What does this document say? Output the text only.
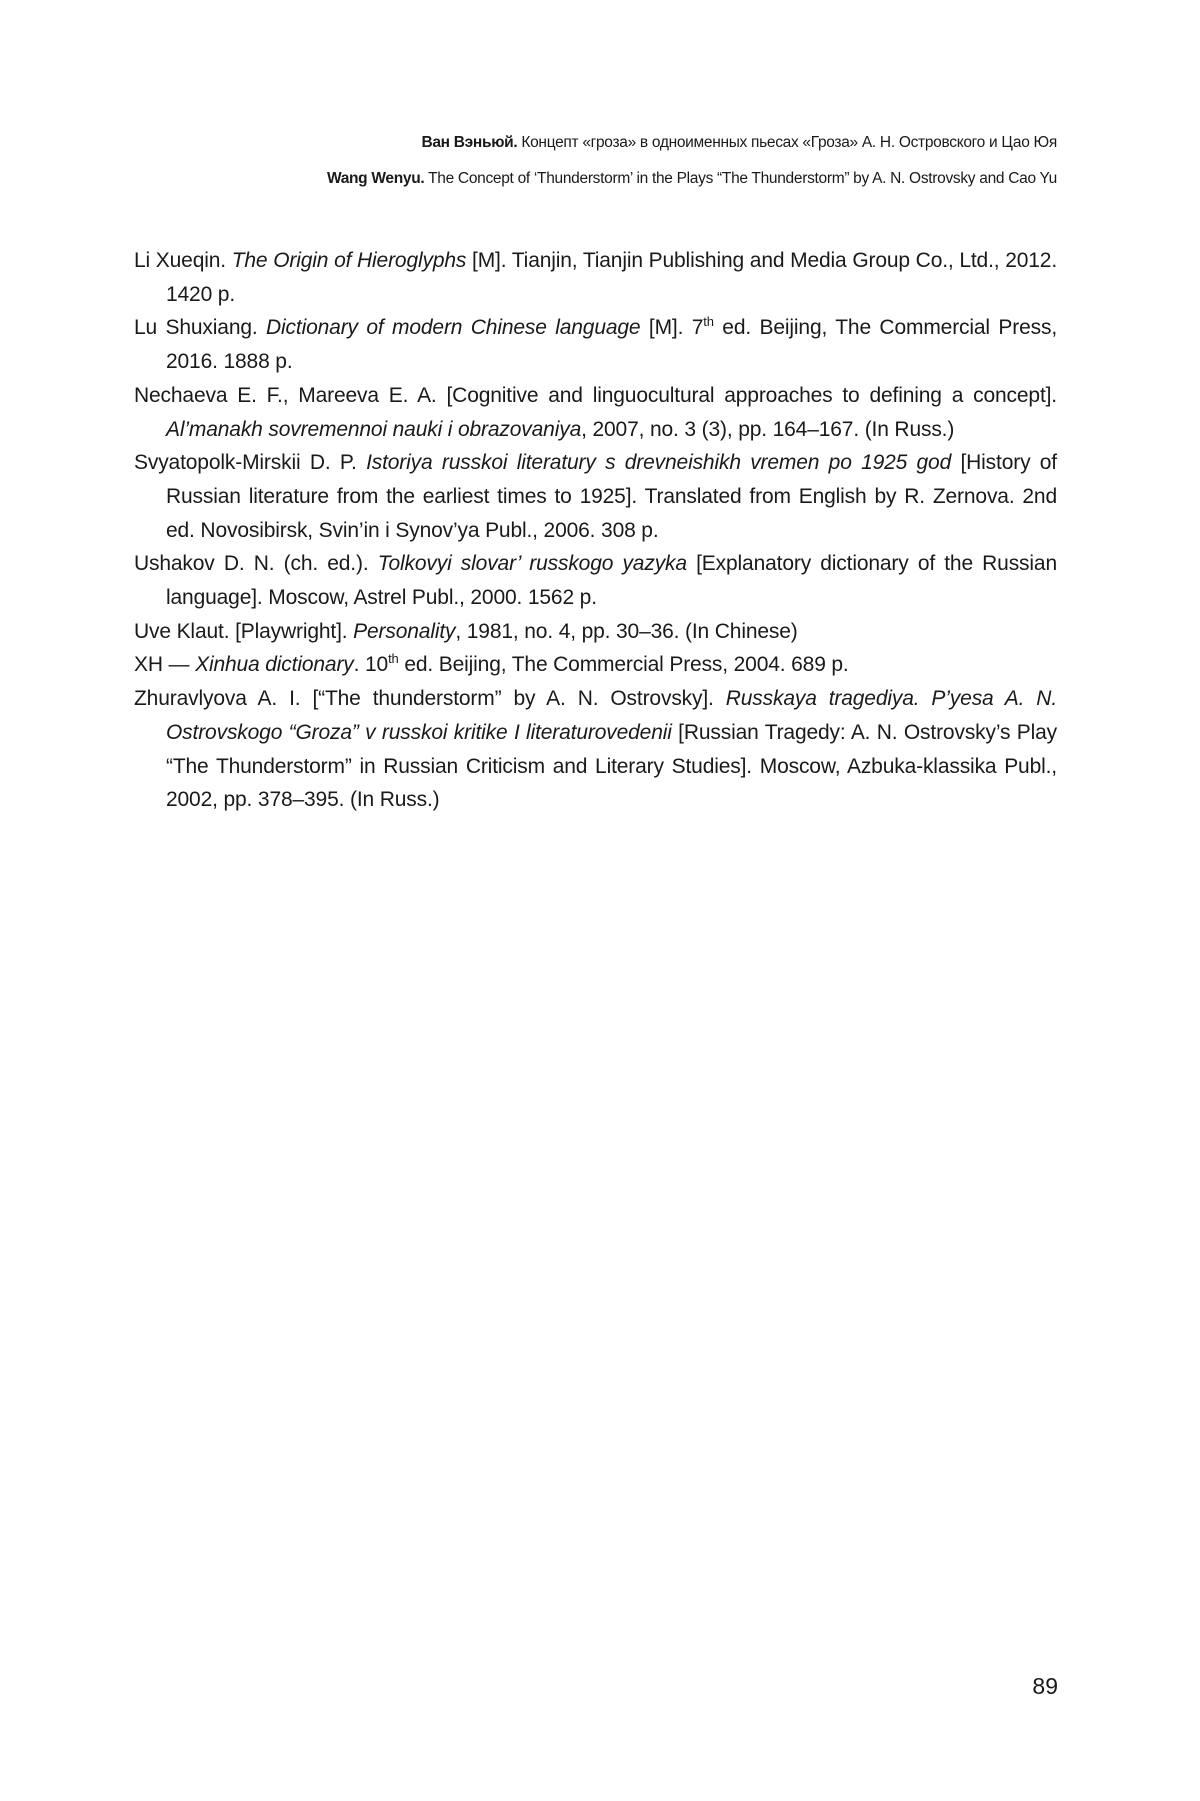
Ван Вэньюй. Концепт «гроза» в одноименных пьесах «Гроза» А. Н. Островского и Цао Юя
Wang Wenyu. The Concept of ‘Thunderstorm’ in the Plays “The Thunderstorm” by A. N. Ostrovsky and Cao Yu
Li Xueqin. The Origin of Hieroglyphs [M]. Tianjin, Tianjin Publishing and Media Group Co., Ltd., 2012. 1420 p.
Lu Shuxiang. Dictionary of modern Chinese language [M]. 7th ed. Beijing, The Commercial Press, 2016. 1888 p.
Nechaeva E. F., Mareeva E. A. [Cognitive and linguocultural approaches to defining a concept]. Al’manakh sovremennoi nauki i obrazovaniya, 2007, no. 3 (3), pp. 164–167. (In Russ.)
Svyatopolk-Mirskii D. P. Istoriya russkoi literatury s drevneishikh vremen po 1925 god [History of Russian literature from the earliest times to 1925]. Translated from English by R. Zernova. 2nd ed. Novosibirsk, Svin’in i Synov’ya Publ., 2006. 308 p.
Ushakov D. N. (ch. ed.). Tolkovyi slovar’ russkogo yazyka [Explanatory dictionary of the Russian language]. Moscow, Astrel Publ., 2000. 1562 p.
Uve Klaut. [Playwright]. Personality, 1981, no. 4, pp. 30–36. (In Chinese)
XH — Xinhua dictionary. 10th ed. Beijing, The Commercial Press, 2004. 689 p.
Zhuravlyova A. I. [“The thunderstorm” by A. N. Ostrovsky]. Russkaya tragediya. P’yesa A. N. Ostrovskogo “Groza” v russkoi kritike I literaturovedenii [Russian Tragedy: A. N. Ostrovsky’s Play “The Thunderstorm” in Russian Criticism and Literary Studies]. Moscow, Azbuka-klassika Publ., 2002, pp. 378–395. (In Russ.)
89
